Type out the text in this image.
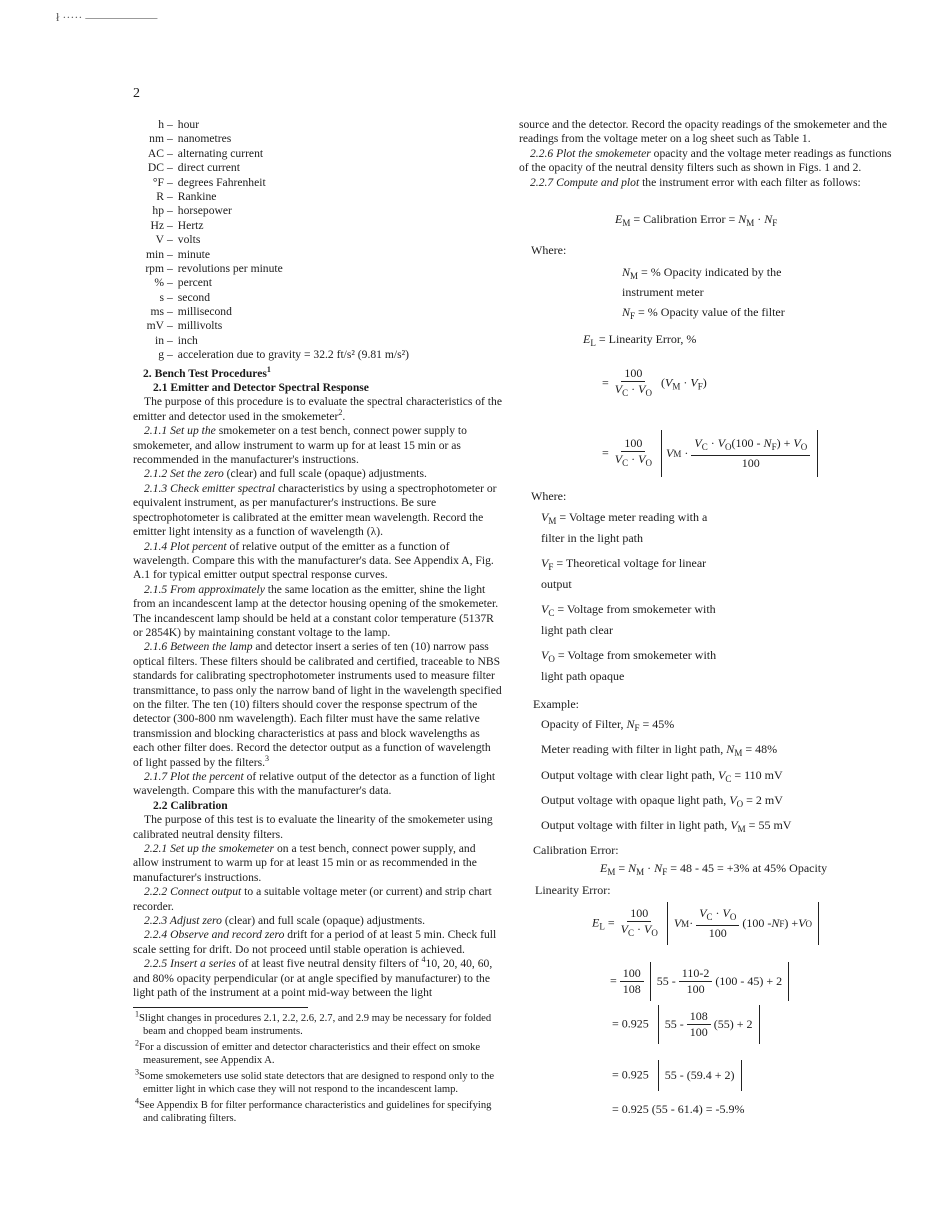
ł ····· ——————
2
h – hour
nm – nanometres
AC – alternating current
DC – direct current
°F – degrees Fahrenheit
R – Rankine
hp – horsepower
Hz – Hertz
V – volts
min – minute
rpm – revolutions per minute
% – percent
s – second
ms – millisecond
mV – millivolts
in – inch
g – acceleration due to gravity = 32.2 ft/s² (9.81 m/s²)

2. Bench Test Procedures$^1$

2.1 Emitter and Detector Spectral Response

The purpose of this procedure is to evaluate the spectral characteristics of the emitter and detector used in the smokemeter$^2$.

2.1.1 Set up the smokemeter on a test bench, connect power supply to smokemeter, and allow instrument to warm up for at least 15 min or as recommended in the manufacturer's instructions.

2.1.2 Set the zero (clear) and full scale (opaque) adjustments.

2.1.3 Check emitter spectral characteristics by using a spectrophotometer or equivalent instrument, as per manufacturer's instructions. Be sure spectrophotometer is calibrated at the emitter mean wavelength. Record the emitter light intensity as a function of wavelength (λ).

2.1.4 Plot percent of relative output of the emitter as a function of wavelength. Compare this with the manufacturer's data. See Appendix A, Fig. A.1 for typical emitter output spectral response curves.

2.1.5 From approximately the same location as the emitter, shine the light from an incandescent lamp at the detector housing opening of the smokemeter. The incandescent lamp should be held at a constant color temperature (5137R or 2854K) by maintaining constant voltage to the lamp.

2.1.6 Between the lamp and detector insert a series of ten (10) narrow pass optical filters. These filters should be calibrated and certified, traceable to NBS standards for calibrating spectrophotometer instruments used to measure filter transmittance, to pass only the narrow band of light in the wavelength specified on the filter. The ten (10) filters should cover the response spectrum of the detector (300-800 nm wavelength). Each filter must have the same relative transmission and blocking characteristics at pass and block wavelengths as each other filter does. Record the detector output as a function of wavelength of light passed by the filters.$^3$

2.1.7 Plot the percent of relative output of the detector as a function of light wavelength. Compare this with the manufacturer's data.

2.2 Calibration

The purpose of this test is to evaluate the linearity of the smokemeter using calibrated neutral density filters.

2.2.1 Set up the smokemeter on a test bench, connect power supply, and allow instrument to warm up for at least 15 min or as recommended in the manufacturer's instructions.

2.2.2 Connect output to a suitable voltage meter (or current) and strip chart recorder.

2.2.3 Adjust zero (clear) and full scale (opaque) adjustments.

2.2.4 Observe and record zero drift for a period of at least 5 min. Check full scale setting for drift. Do not proceed until stable operation is achieved.

2.2.5 Insert a series of at least five neutral density filters of $^4$10, 20, 40, 60, and 80% opacity perpendicular (or at angle specified by manufacturer) to the light path of the instrument at a point mid-way between the light

$^1$Slight changes in procedures 2.1, 2.2, 2.6, 2.7, and 2.9 may be necessary for folded beam and chopped beam instruments.

$^2$For a discussion of emitter and detector characteristics and their effect on smoke measurement, see Appendix A.

$^3$Some smokemeters use solid state detectors that are designed to respond only to the emitter light in which case they will not respond to the incandescent lamp.

$^4$See Appendix B for filter performance characteristics and guidelines for specifying and calibrating filters.

source and the detector. Record the opacity readings of the smokemeter and the readings from the voltage meter on a log sheet such as Table 1.

2.2.6 Plot the smokemeter opacity and the voltage meter readings as functions of the opacity of the neutral density filters such as shown in Figs. 1 and 2.

2.2.7 Compute and plot the instrument error with each filter as follows:

$E_M$ = Calibration Error = $N_M \cdot N_F$
Where:
$N_M$ = % Opacity indicated by the
instrument meter
$N_F$ = % Opacity value of the filter
$E_L$ = Linearity Error, %
= $\frac{100}{V_C \cdot V_O} (V_M \cdot V_F)$
= $\frac{100}{V_C \cdot V_O}$
V $M \cdot \frac{V_C \cdot V_O(100 - N_F) + V_O}{100}$
Where:
$V_M$ = Voltage meter reading with a
filter in the light path
$V_F$ = Theoretical voltage for linear
output
$V_C$ = Voltage from smokemeter with
light path clear
$V_O$ = Voltage from smokemeter with
light path opaque
Example:
Opacity of Filter, $N_F = 45\%$
Meter reading with filter in light path, $N_M = 48\%$
Output voltage with clear light path, $V_C = 110$ mV
Output voltage with opaque light path, $V_O = 2$ mV
Output voltage with filter in light path, $V_M = 55$ mV
Calibration Error:
$E_M = N_M \cdot N_F = 48 - 45 = +3\%$ at 45% Opacity
Linearity Error:
$E_L = \frac{100}{V_C \cdot V_O}$
V $M \cdot \frac{V_C \cdot V_O}{100} (100 - N$ F ) + V O
= $\frac{100}{108}$
$55 - \frac{110-2}{100} (100 - 45) + 2$
= 0.925 $55 - \frac{108}{100} (55) + 2$
= 0.925 55 - (59.4 + 2)
= 0.925 (55 - 61.4) = -5.9%
